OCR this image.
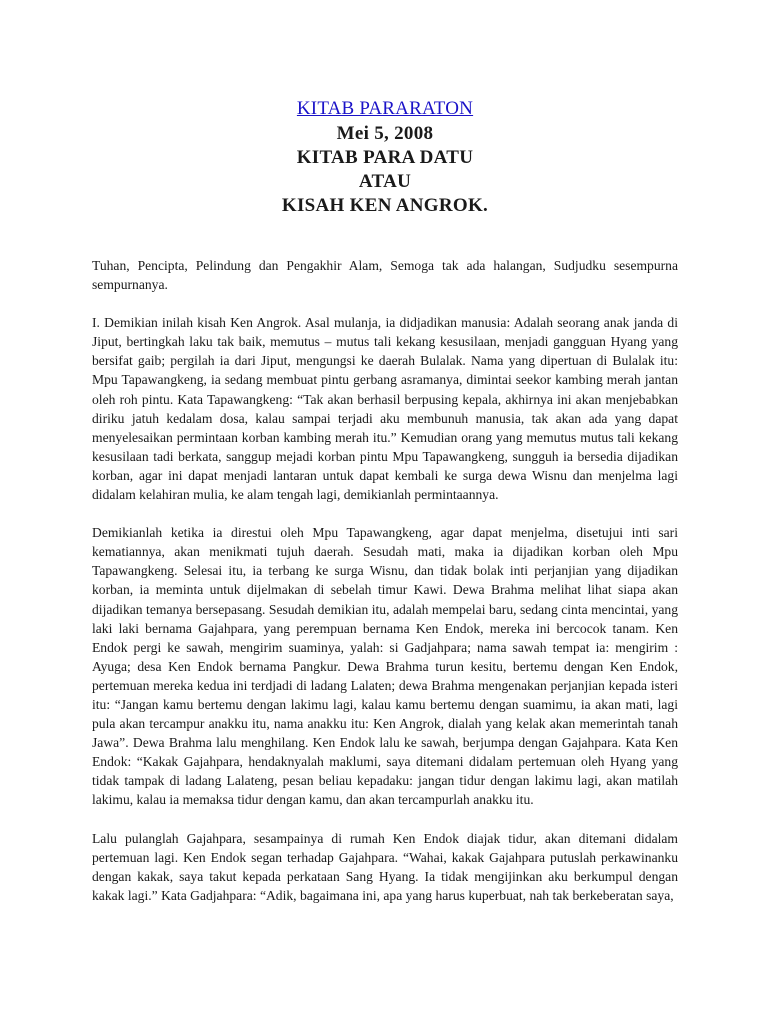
KITAB PARARATON
Mei 5, 2008
KITAB PARA DATU
ATAU
KISAH KEN ANGROK.

Tuhan, Pencipta, Pelindung dan Pengakhir Alam, Semoga tak ada halangan, Sudjudku sesempurna sempurnanya.

I. Demikian inilah kisah Ken Angrok. Asal mulanja, ia didjadikan manusia: Adalah seorang anak janda di Jiput, bertingkah laku tak baik, memutus – mutus tali kekang kesusilaan, menjadi gangguan Hyang yang bersifat gaib; pergilah ia dari Jiput, mengungsi ke daerah Bulalak. Nama yang dipertuan di Bulalak itu: Mpu Tapawangkeng, ia sedang membuat pintu gerbang asramanya, dimintai seekor kambing merah jantan oleh roh pintu. Kata Tapawangkeng: “Tak akan berhasil berpusing kepala, akhirnya ini akan menjebabkan diriku jatuh kedalam dosa, kalau sampai terjadi aku membunuh manusia, tak akan ada yang dapat menyelesaikan permintaan korban kambing merah itu.” Kemudian orang yang memutus mutus tali kekang kesusilaan tadi berkata, sanggup mejadi korban pintu Mpu Tapawangkeng, sungguh ia bersedia dijadikan korban, agar ini dapat menjadi lantaran untuk dapat kembali ke surga dewa Wisnu dan menjelma lagi didalam kelahiran mulia, ke alam tengah lagi, demikianlah permintaannya.

Demikianlah ketika ia direstui oleh Mpu Tapawangkeng, agar dapat menjelma, disetujui inti sari kematiannya, akan menikmati tujuh daerah. Sesudah mati, maka ia dijadikan korban oleh Mpu Tapawangkeng. Selesai itu, ia terbang ke surga Wisnu, dan tidak bolak inti perjanjian yang dijadikan korban, ia meminta untuk dijelmakan di sebelah timur Kawi. Dewa Brahma melihat lihat siapa akan dijadikan temanya bersepasang. Sesudah demikian itu, adalah mempelai baru, sedang cinta mencintai, yang laki laki bernama Gajahpara, yang perempuan bernama Ken Endok, mereka ini bercocok tanam. Ken Endok pergi ke sawah, mengirim suaminya, yalah: si Gadjahpara; nama sawah tempat ia: mengirim : Ayuga; desa Ken Endok bernama Pangkur. Dewa Brahma turun kesitu, bertemu dengan Ken Endok, pertemuan mereka kedua ini terdjadi di ladang Lalaten; dewa Brahma mengenakan perjanjian kepada isteri itu: “Jangan kamu bertemu dengan lakimu lagi, kalau kamu bertemu dengan suamimu, ia akan mati, lagi pula akan tercampur anakku itu, nama anakku itu: Ken Angrok, dialah yang kelak akan memerintah tanah Jawa”. Dewa Brahma lalu menghilang. Ken Endok lalu ke sawah, berjumpa dengan Gajahpara. Kata Ken Endok: “Kakak Gajahpara, hendaknyalah maklumi, saya ditemani didalam pertemuan oleh Hyang yang tidak tampak di ladang Lalateng, pesan beliau kepadaku: jangan tidur dengan lakimu lagi, akan matilah lakimu, kalau ia memaksa tidur dengan kamu, dan akan tercampurlah anakku itu.

Lalu pulanglah Gajahpara, sesampainya di rumah Ken Endok diajak tidur, akan ditemani didalam pertemuan lagi. Ken Endok segan terhadap Gajahpara. “Wahai, kakak Gajahpara putuslah perkawinanku dengan kakak, saya takut kepada perkataan Sang Hyang. Ia tidak mengijinkan aku berkumpul dengan kakak lagi.” Kata Gadjahpara: “Adik, bagaimana ini, apa yang harus kuperbuat, nah tak berkeberatan saya,
